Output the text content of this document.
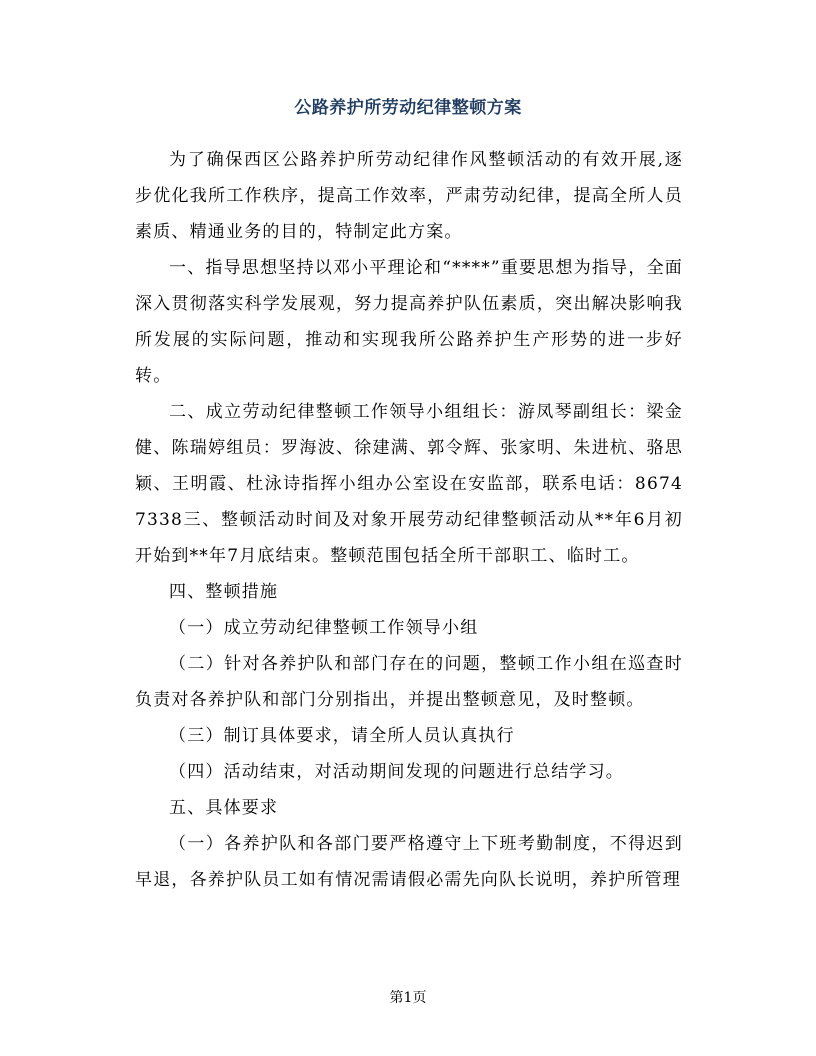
公路养护所劳动纪律整顿方案

为了确保西区公路养护所劳动纪律作风整顿活动的有效开展,逐步优化我所工作秩序，提高工作效率，严肃劳动纪律，提高全所人员素质、精通业务的目的，特制定此方案。

一、指导思想坚持以邓小平理论和“****”重要思想为指导，全面深入贯彻落实科学发展观，努力提高养护队伍素质，突出解决影响我所发展的实际问题，推动和实现我所公路养护生产形势的进一步好转。

二、成立劳动纪律整顿工作领导小组组长：游凤琴副组长：梁金健、陈瑞婷组员：罗海波、徐建满、郭令辉、张家明、朱进杭、骆思颖、王明霞、杜泳诗指挥小组办公室设在安监部，联系电话：86747338三、整顿活动时间及对象开展劳动纪律整顿活动从**年6月初开始到**年7月底结束。整顿范围包括全所干部职工、临时工。

四、整顿措施

（一）成立劳动纪律整顿工作领导小组

（二）针对各养护队和部门存在的问题，整顿工作小组在巡查时负责对各养护队和部门分别指出，并提出整顿意见，及时整顿。

（三）制订具体要求，请全所人员认真执行

（四）活动结束，对活动期间发现的问题进行总结学习。

五、具体要求

（一）各养护队和各部门要严格遵守上下班考勤制度，不得迟到早退，各养护队员工如有情况需请假必需先向队长说明，养护所管理

第1页
